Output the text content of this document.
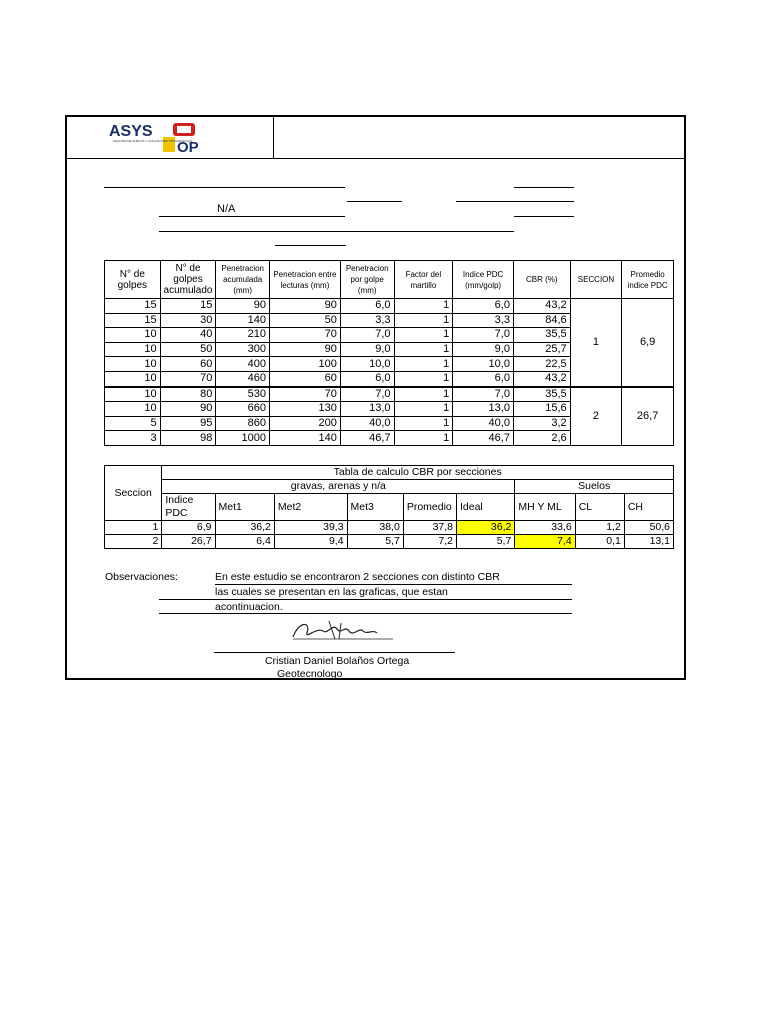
ASYS
OP
ANALISIS DE SUELOS Y SOLUCIONES TOPOGRAFICAS
N/A
N° de golpes	N° de golpes acumulado	Penetracion acumulada (mm)	Penetracion entre lecturas (mm)	Penetracion por golpe (mm)	Factor del martillo	Indice PDC (mm/golp)	CBR (%)	SECCION	Promedio indice PDC
15	15	90	90	6,0	1	6,0	43,2	1	6,9
15	30	140	50	3,3	1	3,3	84,6		
10	40	210	70	7,0	1	7,0	35,5		
10	50	300	90	9,0	1	9,0	25,7		
10	60	400	100	10,0	1	10,0	22,5		
10	70	460	60	6,0	1	6,0	43,2		
10	80	530	70	7,0	1	7,0	35,5	2	26,7
10	90	660	130	13,0	1	13,0	15,6		
5	95	860	200	40,0	1	40,0	3,2		
3	98	1000	140	46,7	1	46,7	2,6		
Seccion	Tabla de calculo CBR por secciones								
	gravas, arenas y n/a						Suelos		
	Indice PDC	Met1	Met2	Met3	Promedio	Ideal	MH Y ML	CL	CH
1	6,9	36,2	39,3	38,0	37,8	36,2	33,6	1,2	50,6
2	26,7	6,4	9,4	5,7	7,2	5,7	7,4	0,1	13,1
Observaciones:	En este estudio se encontraron 2 secciones con distinto CBR
las cuales se presentan en las graficas, que estan
acontinuacion.
Cristian Daniel Bolaños Ortega
Geotecnologo
